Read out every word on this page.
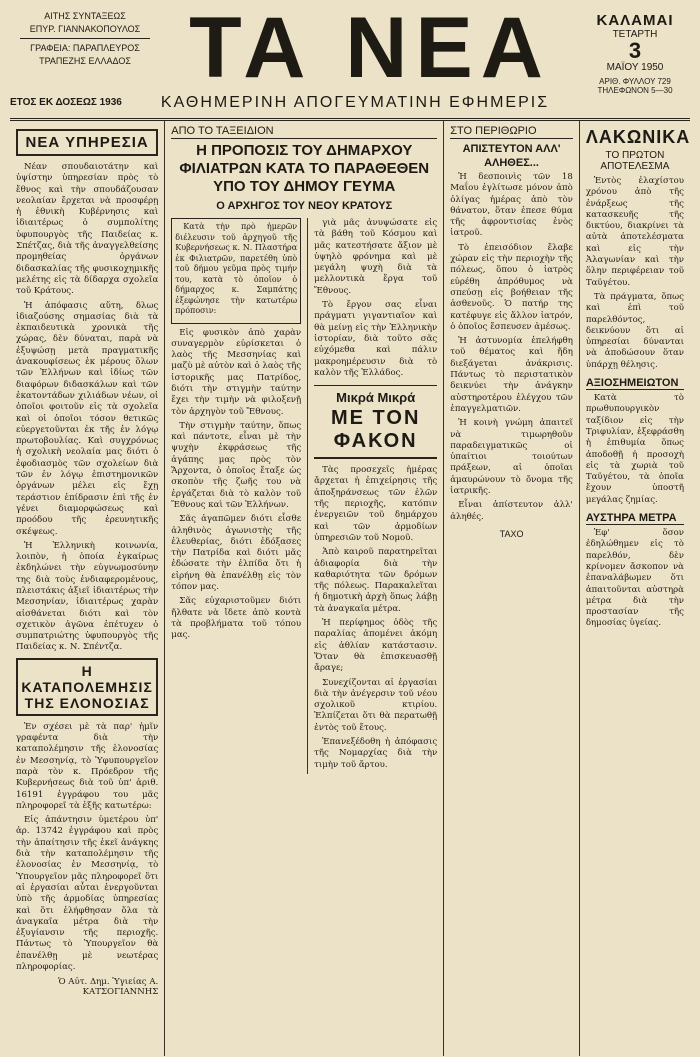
ΑΙΤΗΣ ΣΥΝΤΑΞΕΩΣ
ΕΠΥΡ. ΓΙΑΝΝΑΚΟΠΟΥΛΟΣ
ΓΡΑΦΕΙΑ: ΠΑΡΑΠΛΕΥΡΟΣ
ΤΡΑΠΕΖΗΣ ΕΛΛΑΔΟΣ ΤΑ ΝΕΑ	ΚΑΛΑΜΑΙ
ΤΕΤΑΡΤΗ
3
ΜΑΪΟΥ 1950
ΑΡΙΘ. ΦΥΛΛΟΥ 729
ΤΗΛΕΦΩΝΟΝ 5—30
ΕΤΟΣ ΕΚ ΔΟΣΕΩΣ 1936	ΚΑΘΗΜΕΡΙΝΗ ΑΠΟΓΕΥΜΑΤΙΝΗ ΕΦΗΜΕΡΙΣ
ΝΕΑ ΥΠΗΡΕΣΙΑ

Νέαν σπουδαιοτάτην καὶ ὑψίστην ὑπηρεσίαν πρὸς τὸ ἔθνος καὶ τὴν σπουδάζουσαν νεολαίαν ἔρχεται νὰ προσφέρῃ ἡ ἐθνικὴ Κυβέρνησις καὶ ἰδιαιτέρως ὁ συμπολίτης ὑφυπουργὸς τῆς Παιδείας κ. Σπέτζας, διὰ τῆς ἀναγγελθείσης προμηθείας ὀργάνων διδασκαλίας τῆς φυσικοχημικῆς μελέτης εἰς τὰ δίδαρχα σχολεῖα τοῦ Κράτους.

Ἡ ἀπόφασις αὕτη, δλως ἰδιαζούσης σημασίας διὰ τὰ ἐκπαιδευτικὰ χρονικὰ τῆς χώρας, δὲν δύναται, παρὰ νὰ ἐξυψώσῃ μετὰ πραγματικῆς ἀνακουφίσεως ἐκ μέρους ὅλων τῶν Ἑλλήνων καὶ ἰδίως τῶν διαφόρων διδασκάλων καὶ τῶν ἑκατοντάδων χιλιάδων νέων, οἱ ὁποῖοι φοιτοῦν εἰς τὰ σχολεῖα καὶ οἱ ὁποῖοι τόσον θετικῶς εὐεργετοῦνται ἐκ τῆς ἐν λόγῳ πρωτοβουλίας. Καὶ συγχρόνως ἡ σχολικὴ νεολαία μας διότι ὁ ἐφοδιασμὸς τῶν σχολείων διὰ τῶν ἐν λόγῳ ἐπιστημονικῶν ὀργάνων μέλει εἰς ἔχῃ τεράστιον ἐπίδρασιν ἐπὶ τῆς ἐν γένει διαμορφώσεως καὶ προόδου τῆς ἐρευνητικῆς σκέψεως.

Ἡ Ἑλληνικὴ κοινωνία, λοιπὸν, ἡ ὁποία ἐγκαίρως ἐκδηλώνει τὴν εὐγνωμοσύνην της διὰ τοὺς ἐνδιαφερομένους, πλειστάκις ἀξιεῖ ἰδιαιτέρως τὴν Μεσσηνίαν, ἰδιαιτέρως χαρὰν αἰσθάνεται διότι καὶ τὸν σχετικὸν ἀγῶνα ἐπέτυχεν ὁ συμπατριώτης ὑφυπουργὸς τῆς Παιδείας κ. Ν. Σπέντζα.

Η ΚΑΤΑΠΟΛΕΜΗΣΙΣ ΤΗΣ ΕΛΟΝΟΣΙΑΣ

Ἐν σχέσει μὲ τὰ παρ' ἡμῖν γραφέντα διὰ τὴν καταπολέμησιν τῆς ἑλονοσίας ἐν Μεσσηνίᾳ, τὸ Ὑφυπουργεῖον παρὰ τὸν κ. Πρόεδρον τῆς Κυβερνήσεως διὰ τοῦ ὑπ' ἀριθ. 16191 ἐγγράφου του μᾶς πληροφορεῖ τὰ ἑξῆς κατωτέρω:

Εἰς ἀπάντησιν ὑμετέρου ὑπ' ἀρ. 13742 ἐγγράφου καὶ πρὸς τὴν ἀπαίτησιν τῆς ἐκεῖ ἀνάγκης διὰ τὴν καταπολέμησιν τῆς ἑλονοσίας ἐν Μεσσηνίᾳ, τὸ Ὑπουργεῖον μᾶς πληροφορεῖ ὅτι αἱ ἐργασίαι αὗται ἐνεργοῦνται ὑπὸ τῆς ἁρμοδίας ὑπηρεσίας καὶ ὅτι ἐλήφθησαν ὅλα τὰ ἀναγκαῖα μέτρα διὰ τὴν ἐξυγίανσιν τῆς περιοχῆς. Πάντως τὸ Ὑπουργεῖον θὰ ἐπανέλθῃ μὲ νεωτέρας πληροφορίας.

Ὁ Αὐτ. Δημ. Ὑγιείας Α. ΚΑΤΣΟΓΙΑΝΝΗΣ
ΑΠΟ ΤΟ ΤΑΞΕΙΔΙΟΝ
Η ΠΡΟΠΟΣΙΣ ΤΟΥ ΔΗΜΑΡΧΟΥ ΦΙΛΙΑΤΡΩΝ ΚΑΤΑ ΤΟ ΠΑΡΑΘΕΘΕΝ ΥΠΟ ΤΟΥ ΔΗΜΟΥ ΓΕΥΜΑ
Ο ΑΡΧΗΓΟΣ ΤΟΥ ΝΕΟΥ ΚΡΑΤΟΥΣ

Κατὰ τὴν πρὸ ἡμερῶν διέλευσιν τοῦ ἀρχηγοῦ τῆς Κυβερνήσεως κ. Ν. Πλαστήρα ἐκ Φιλιατρῶν, παρετέθη ὑπὸ τοῦ δήμου γεῦμα πρὸς τιμήν του, κατὰ τὸ ὁποῖον ὁ δήμαρχος κ. Σαμπάτης ἐξεφώνησε τὴν κατωτέρω πρόποσιν:

Εἰς φυσικὸν ἀπὸ χαρὰν συναγερμὸν εὑρίσκεται ὁ λαὸς τῆς Μεσσηνίας καὶ μαζὺ μὲ αὐτὸν καὶ ὁ λαὸς τῆς ἱστορικῆς μας Πατρίδος, διότι τὴν στιγμὴν ταύτην ἔχει τὴν τιμὴν νὰ φιλοξενῇ τὸν ἀρχηγὸν τοῦ Ἔθνους.

Τὴν στιγμὴν ταύτην, ὅπως καὶ πάντοτε, εἶναι μὲ τὴν ψυχὴν ἐκφράσεως τῆς ἀγάπης μας πρὸς τὸν Ἄρχοντα, ὁ ὁποῖος ἔταξε ὡς σκοπὸν τῆς ζωῆς του νὰ ἐργάζεται διὰ τὸ καλὸν τοῦ Ἔθνους καὶ τῶν Ἑλλήνων.

Σᾶς ἀγαπῶμεν διότι εἶσθε ἀληθινὸς ἀγωνιστὴς τῆς ἐλευθερίας, διότι ἐδόξασες τὴν Πατρίδα καὶ διότι μᾶς ἐδώσατε τὴν ἐλπίδα ὅτι ἡ εἰρήνη θὰ ἐπανέλθῃ εἰς τὸν τόπον μας.

Σᾶς εὐχαριστοῦμεν διότι ἤλθατε νὰ ἴδετε ἀπὸ κοντὰ τὰ προβλήματα τοῦ τόπου μας.

γιὰ μᾶς ἀνυψώσατε εἰς τὰ βάθη τοῦ Κόσμου καὶ μᾶς κατεστήσατε ἄξιον μὲ ὑψηλὸ φρόνημα καὶ μὲ μεγάλη ψυχὴ διὰ τὰ μελλοντικὰ ἔργα τοῦ Ἔθνους.

Τὸ ἔργον σας εἶναι πράγματι γιγαντιαῖον καὶ θὰ μείνῃ εἰς τὴν Ἑλληνικὴν ἱστορίαν, διὰ τοῦτο σᾶς εὐχόμεθα καὶ πάλιν μακροημέρευσιν διὰ τὸ καλὸν τῆς Ἑλλάδος.

Μικρά Μικρά
ΜΕ ΤΟΝ ΦΑΚΟΝ

Τὰς προσεχεῖς ἡμέρας ἄρχεται ἡ ἐπιχείρησις τῆς ἀποξηράνσεως τῶν ἑλῶν τῆς περιοχῆς, κατόπιν ἐνεργειῶν τοῦ δημάρχου καὶ τῶν ἁρμοδίων ὑπηρεσιῶν τοῦ Νομοῦ.

Ἀπὸ καιροῦ παρατηρεῖται ἀδιαφορία διὰ τὴν καθαριότητα τῶν δρόμων τῆς πόλεως. Παρακαλεῖται ἡ δημοτικὴ ἀρχὴ ὅπως λάβῃ τὰ ἀναγκαῖα μέτρα.

Ἡ περίφημος ὁδὸς τῆς παραλίας ἀπομένει ἀκόμη εἰς ἀθλίαν κατάστασιν. Ὅταν θὰ ἐπισκευασθῇ ἄραγε;

Συνεχίζονται αἱ ἐργασίαι διὰ τὴν ἀνέγερσιν τοῦ νέου σχολικοῦ κτιρίου. Ἐλπίζεται ὅτι θὰ περατωθῇ ἐντὸς τοῦ ἔτους.

Ἐπανεξέδοθη ἡ ἀπόφασις τῆς Νομαρχίας διὰ τὴν τιμὴν τοῦ ἄρτου.

ΣΤΟ ΠΕΡΙΘΩΡΙΟ
ΑΠΙΣΤΕΥΤΟΝ ΑΛΛ' ΑΛΗΘΕΣ...

Ἡ δεσποινὶς τῶν 18 Μαΐου ἐγλίτωσε μόνον ἀπὸ ὀλίγας ἡμέρας ἀπὸ τὸν θάνατον, ὅταν ἐπεσε θύμα τῆς ἀφροντισίας ἑνὸς ἰατροῦ.

Τὸ ἐπεισόδιον ἔλαβε χώραν εἰς τὴν περιοχὴν τῆς πόλεως, ὅπου ὁ ἰατρὸς εὑρέθη ἀπρόθυμος νὰ σπεύσῃ εἰς βοήθειαν τῆς ἀσθενοῦς. Ὁ πατήρ της κατέφυγε εἰς ἄλλον ἰατρόν, ὁ ὁποῖος ἔσπευσεν ἀμέσως.

Ἡ ἀστυνομία ἐπελήφθη τοῦ θέματος καὶ ἤδη διεξάγεται ἀνάκρισις. Πάντως τὸ περιστατικὸν δεικνύει τὴν ἀνάγκην αὐστηροτέρου ἐλέγχου τῶν ἐπαγγελματιῶν.

Ἡ κοινὴ γνώμη ἀπαιτεῖ νὰ τιμωρηθοῦν παραδειγματικῶς οἱ ὑπαίτιοι τοιούτων πράξεων, αἱ ὁποῖαι ἀμαυρώνουν τὸ ὄνομα τῆς ἰατρικῆς.

Εἶναι ἀπίστευτον ἀλλ' ἀληθές.

ΤΑΧΟ
ΛΑΚΩΝΙΚΑ
ΤΟ ΠΡΩΤΟΝ ΑΠΟΤΕΛΕΣΜΑ

Ἐντὸς ἐλαχίστου χρόνου ἀπὸ τῆς ἐνάρξεως τῆς κατασκευῆς τῆς δικτύου, διακρίνει τὰ αὐτὰ ἀποτελέσματα καὶ εἰς τὴν Ἀλαγωνίαν καὶ τὴν ὅλην περιφέρειαν τοῦ Ταϋγέτου.

Τὰ πράγματα, ὅπως καὶ ἐπὶ τοῦ παρελθόντος, δεικνύουν ὅτι αἱ ὑπηρεσίαι δύνανται νὰ ἀποδώσουν ὅταν ὑπάρχῃ θέλησις.

ΑΞΙΟΣΗΜΕΙΩΤΟΝ

Κατὰ τὸ πρωθυπουργικὸν ταξίδιον εἰς τὴν Τριφυλίαν, ἐξεφράσθη ἡ ἐπιθυμία ὅπως ἀποδοθῇ ἡ προσοχὴ εἰς τὰ χωριὰ τοῦ Ταϋγέτου, τὰ ὁποῖα ἔχουν ὑποστῆ μεγάλας ζημίας.

ΑΥΣΤΗΡΑ ΜΕΤΡΑ

Ἐφ' ὅσον ἐδηλώθημεν εἰς τὸ παρελθόν, δὲν κρίνομεν ἄσκοπον νὰ ἐπαναλάβωμεν ὅτι ἀπαιτοῦνται αὐστηρὰ μέτρα διὰ τὴν προστασίαν τῆς δημοσίας ὑγείας.
